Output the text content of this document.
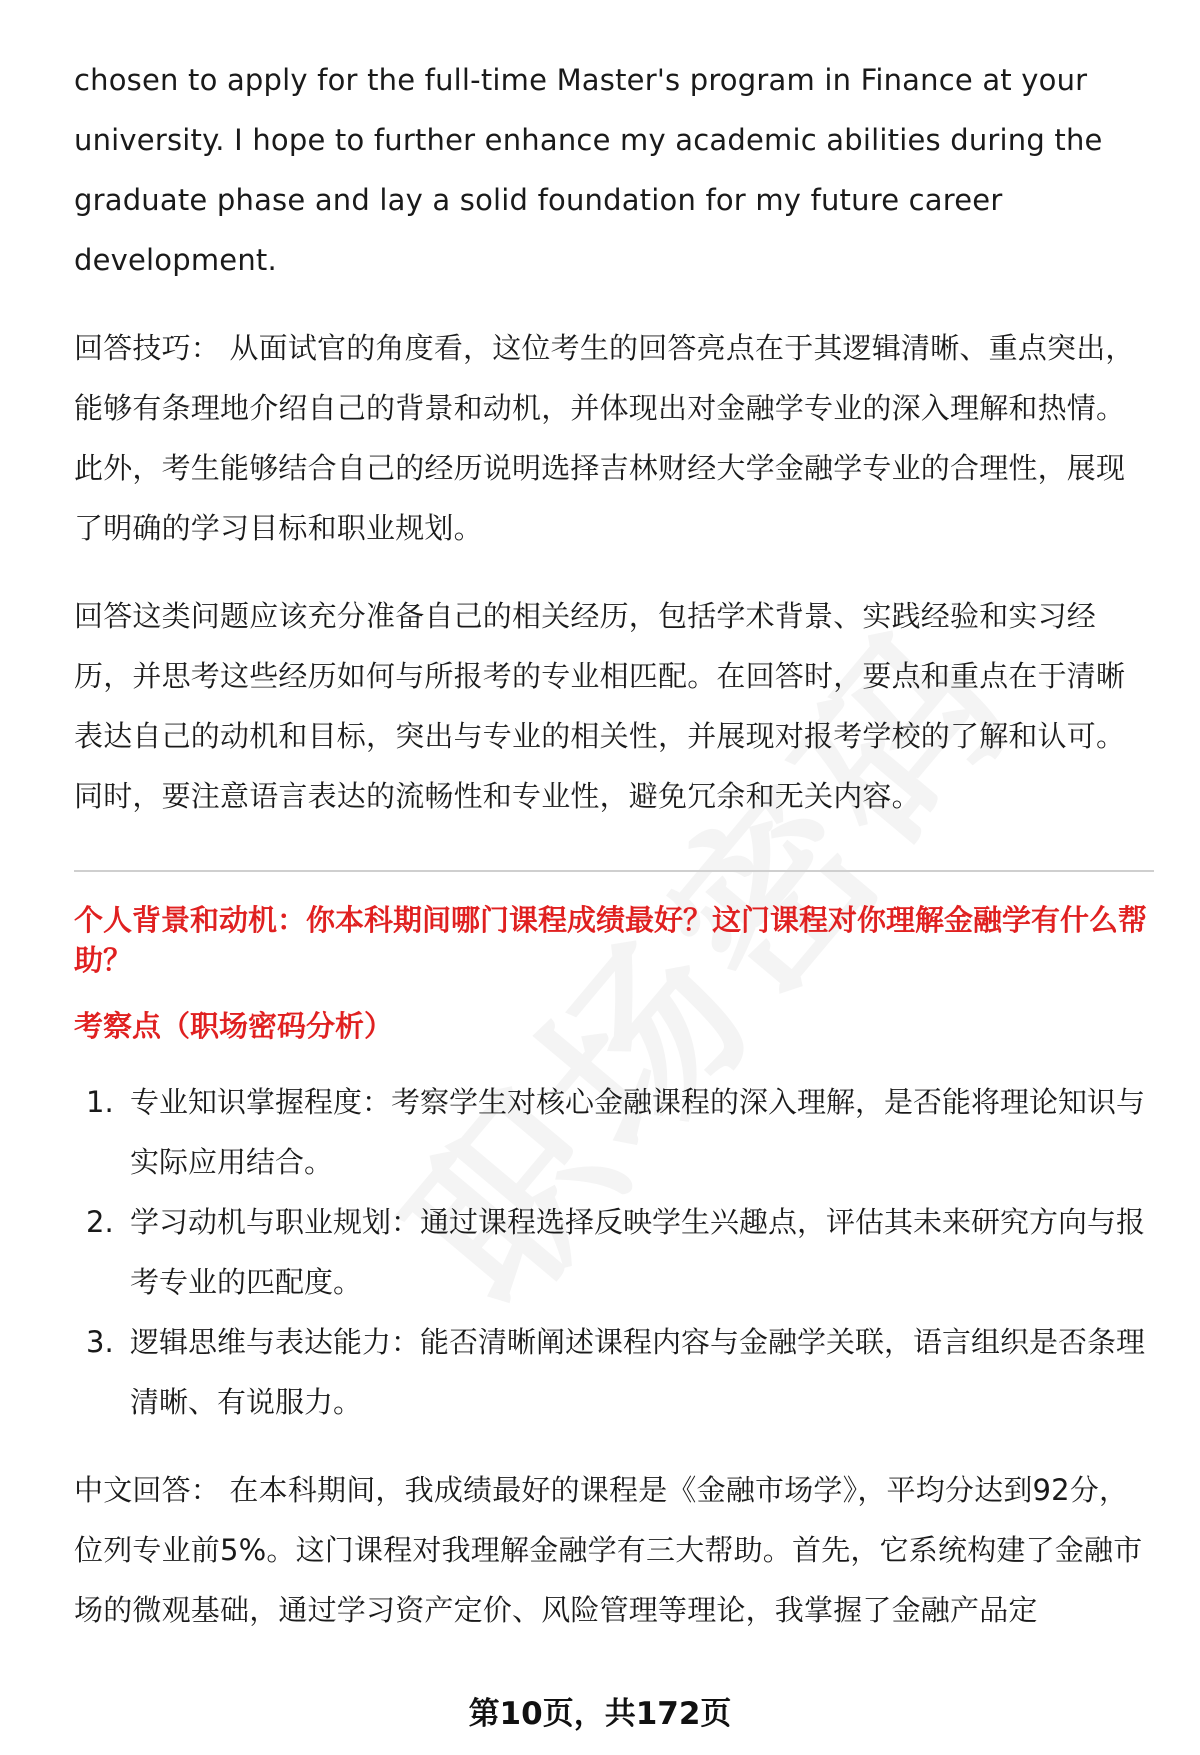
chosen to apply for the full-time Master's program in Finance at your university. I hope to further enhance my academic abilities during the graduate phase and lay a solid foundation for my future career development.

回答技巧： 从面试官的角度看，这位考生的回答亮点在于其逻辑清晰、重点突出，能够有条理地介绍自己的背景和动机，并体现出对金融学专业的深入理解和热情。此外，考生能够结合自己的经历说明选择吉林财经大学金融学专业的合理性，展现了明确的学习目标和职业规划。

回答这类问题应该充分准备自己的相关经历，包括学术背景、实践经验和实习经历，并思考这些经历如何与所报考的专业相匹配。在回答时，要点和重点在于清晰表达自己的动机和目标，突出与专业的相关性，并展现对报考学校的了解和认可。同时，要注意语言表达的流畅性和专业性，避免冗余和无关内容。

个人背景和动机：你本科期间哪门课程成绩最好？这门课程对你理解金融学有什么帮助？
考察点（职场密码分析）
1. 专业知识掌握程度：考察学生对核心金融课程的深入理解，是否能将理论知识与实际应用结合。
2. 学习动机与职业规划：通过课程选择反映学生兴趣点，评估其未来研究方向与报考专业的匹配度。
3. 逻辑思维与表达能力：能否清晰阐述课程内容与金融学关联，语言组织是否条理清晰、有说服力。

中文回答： 在本科期间，我成绩最好的课程是《金融市场学》，平均分达到92分，位列专业前5%。这门课程对我理解金融学有三大帮助。首先，它系统构建了金融市场的微观基础，通过学习资产定价、风险管理等理论，我掌握了金融产品定

第10页，共172页
